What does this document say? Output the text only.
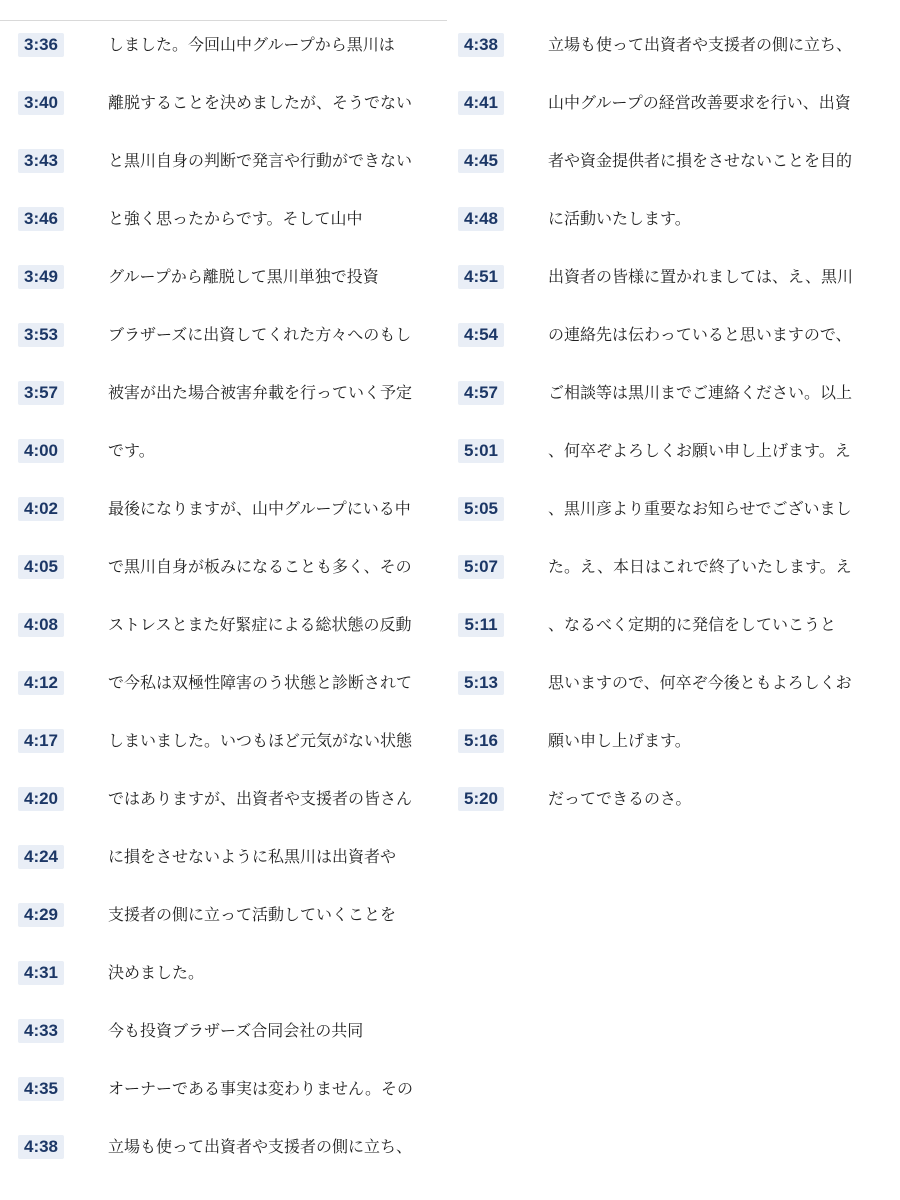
3:36	しました。今回山中グループから黒川は
3:40	離脱することを決めましたが、そうでない
3:43	と黒川自身の判断で発言や行動ができない
3:46	と強く思ったからです。そして山中
3:49	グループから離脱して黒川単独で投資
3:53	ブラザーズに出資してくれた方々へのもし
3:57	被害が出た場合被害弁載を行っていく予定
4:00	です。
4:02	最後になりますが、山中グループにいる中
4:05	で黒川自身が板みになることも多く、その
4:08	ストレスとまた好緊症による総状態の反動
4:12	で今私は双極性障害のう状態と診断されて
4:17	しまいました。いつもほど元気がない状態
4:20	ではありますが、出資者や支援者の皆さん
4:24	に損をさせないように私黒川は出資者や
4:29	支援者の側に立って活動していくことを
4:31	決めました。
4:33	今も投資ブラザーズ合同会社の共同
4:35	オーナーである事実は変わりません。その
4:38	立場も使って出資者や支援者の側に立ち、
4:38	立場も使って出資者や支援者の側に立ち、
4:41	山中グループの経営改善要求を行い、出資
4:45	者や資金提供者に損をさせないことを目的
4:48	に活動いたします。
4:51	出資者の皆様に置かれましては、え、黒川
4:54	の連絡先は伝わっていると思いますので、
4:57	ご相談等は黒川までご連絡ください。以上
5:01	、何卒ぞよろしくお願い申し上げます。え
5:05	、黒川彦より重要なお知らせでございまし
5:07	た。え、本日はこれで終了いたします。え
5:11	、なるべく定期的に発信をしていこうと
5:13	思いますので、何卒ぞ今後ともよろしくお
5:16	願い申し上げます。
5:20	だってできるのさ。
